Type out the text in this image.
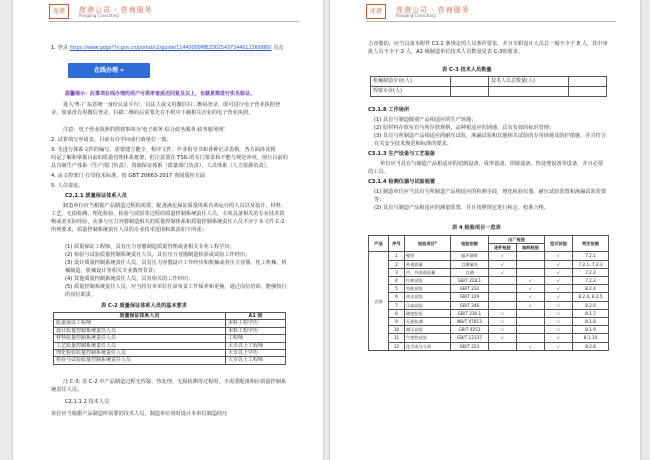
庞港	庞港公司 · 咨询服务
Pangang Consulting
1. 登录 https://www.gdgs??x.gov.cn/portal/v2/guide/11440000MB2D025437244012360960/ 点击
在线办理 »
温馨提示：此事项在线办理的用户可供审查延迟回复及以上，也就是需进行实名验证。
进入'粤·广东省统一身份认证平台'，以法人或义用微信扫二维码登录，即可进行电子营业执照登录，如果没有用微信登录，扫描二维码后需要先在手机中下载相关企业的电子营业执照。
注意：电子营业执照的授权事项为'电子政务·综合政务服务·政务服务网'
2. 试着填写申请表，目前有办学问或行政单位一致。
3. 先进行体系文件的编写，需要建立健全、程序文件、作业指导书和各种记录表格，各方面涉及到
的是了解和掌握目前的质量管理体系框架，但注意要在 TSG 的专门要求和不能与规范冲突，现行目前的
具有制生产体系（生产部门负责），资源保证体系（质量部门负责）、人员体系（人力资源负责）。
4. 由文控部门 打印技术标准，按 GBT 20663-2017 查阅质控方面
5. 人员要求。
C2.1.1 质量保证体系人员
制造单位应当根据产品制造过程的需要，配备满足保证质量体系有效运行的人员以及设计、材料、工艺、无损检测、理化检验、检验与试验等过程的质量控制系统责任人员，专项具备相关的专业技术资格或者实际经验，从事与压力容器制造相关的质量控制体系和质量控制系统责任人员不应于本文件 C-2 所列要求，质量控制系统责任人员的专业技术范围和职责如下所述：
(1) 质量保证工程师，具有压力容器制造质量管理或者相关专业工程学历；
(2) 检验与试验质量控制系统责任人员，具有压力容器制造检验或试验工作经历；
(3) 设计质量控制系统责任人员，具有压力容器设计工作经历和机械或者压力容器、化工机械、机械制造、机械设计等相关专业教育背景；
(4) 其他质量控制系统责任人员，具有相关的工作经历；
(5) 质量控制系统责任人员，应当持有本单位任命负责工作保养和更换，通过岗位培训，能够按行的岗位职责。
表 C-2 质量保证体系人员的基本要求
质量保证体系人员	A1 级
质量保证工程师	本科工程学历
设计质量控制系统责任人员	本科工程学历
材料质量控制系统责任人员	工程师
工艺质量控制系统责任人员	大专以上工程师
理化检验质量控制系统责任人员	大专以上学历
检验与试验质量控制系统责任人员	大专以上工程师
注 C-3: 表 C-2 中产品制造过程无焊接、热处理、无损检测等过程时，不需要配备相应质量控制系统责任人员。
C2.1.1.2 技术人员
单位应当根据产品制造所需要的技术人员，制造单位同时设计本单位制造的压
庞港	庞港公司 · 咨询服务
Pangang Consulting
力容器的，应当具备本附件 C1.2 条规定的人员条件要求，并且专职设计人员总一般不少于 8 人，其中审批人员不少于 2 人，A1 级制造单位技术人员数量见表 C-3的要求。
表 C-3 技术人员数量
机械制造专业(人)		技术人员总数量(人)	
焊接专业(人)			
C3.1.8 工作场所
(1) 具有与制造级别产品相适应的生产场地；
(2) 原材料存放室有与所存放规格、品种相适应的场地，具有有效的标识管理；
(3) 具有与所制造产品相适应的耐压试验，渗漏试验和其他相关试验的专用场地及防护措施，并且符合有关安全技术规范和标准的要求。
C3.1.3 生产设备与工艺装备
单位应当具有与制造产品相适应的切割设备、成形设备、焊接设备、热处理设备等设备，并且必要的工具。
C3.1.4 检测仪器与试验装置
(1) 制造单位应当具有与所制造产品相适应的检测手段，理化检验仪器，耐压试验装置和渗漏试验装置等；
(2) 具有与制造产品相适应的测量装置，并且按照规定进行检定、校准合格。
表 4 检验项目一览表
产品	序号	检验项目*	检验依据	出厂检验		型式试验	判定依据
				逐件检验	抽样检验		
壳体	1	壁厚	超声测厚	√		√	7.2.1
	2	外观质量	目测量具	√		√	7.2.1, 7.3.3
	3	内、外表面质量	目测	√		√	7.2.2
	4	拉伸试验	GB/T 228.1		√	√	7.2.3
	5	弯曲试验	GB/T 232		√	√	8.2.4
	6	冲击试验	GB/T 229		√	√	8.2.4, 8.2.5
	7	压扁试验	GB/T 246		√	√	8.2.6
	8	硬度检验	GB/T 230.1	√		√	8.1.7
	9	无损检测	NB/T 47013	√		√	8.1.8
	10	耐压试验	GB/T 9251	√		√	8.1.9
	11	气密性试验	GB/T 12137	√		√	8.1.10
	12	化学成分分析	GB/T 223		√	√	8.2.8
